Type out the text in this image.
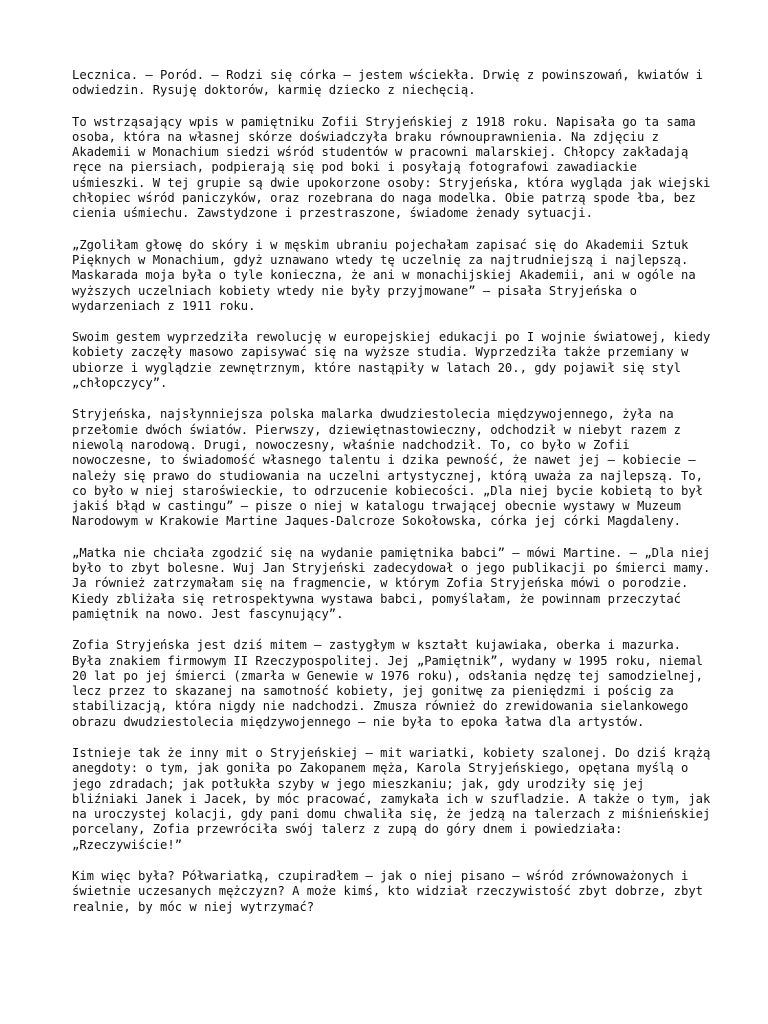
Lecznica. – Poród. – Rodzi się córka – jestem wściekła. Drwię z powinszowań, kwiatów i odwiedzin. Rysuję doktorów, karmię dziecko z niechęcią.

To wstrząsający wpis w pamiętniku Zofii Stryjeńskiej z 1918 roku. Napisała go ta sama osoba, która na własnej skórze doświadczyła braku równouprawnienia. Na zdjęciu z Akademii w Monachium siedzi wśród studentów w pracowni malarskiej. Chłopcy zakładają ręce na piersiach, podpierają się pod boki i posyłają fotografowi zawadiackie uśmieszki. W tej grupie są dwie upokorzone osoby: Stryjeńska, która wygląda jak wiejski chłopiec wśród paniczyków, oraz rozebrana do naga modelka. Obie patrzą spode łba, bez cienia uśmiechu. Zawstydzone i przestraszone, świadome żenady sytuacji.

„Zgoliłam głowę do skóry i w męskim ubraniu pojechałam zapisać się do Akademii Sztuk Pięknych w Monachium, gdyż uznawano wtedy tę uczelnię za najtrudniejszą i najlepszą. Maskarada moja była o tyle konieczna, że ani w monachijskiej Akademii, ani w ogóle na wyższych uczelniach kobiety wtedy nie były przyjmowane” – pisała Stryjeńska o wydarzeniach z 1911 roku.

Swoim gestem wyprzedziła rewolucję w europejskiej edukacji po I wojnie światowej, kiedy kobiety zaczęły masowo zapisywać się na wyższe studia. Wyprzedziła także przemiany w ubiorze i wyglądzie zewnętrznym, które nastąpiły w latach 20., gdy pojawił się styl „chłopczycy”.

Stryjeńska, najsłynniejsza polska malarka dwudziestolecia międzywojennego, żyła na przełomie dwóch światów. Pierwszy, dziewiętnastowieczny, odchodził w niebyt razem z niewolą narodową. Drugi, nowoczesny, właśnie nadchodził. To, co było w Zofii nowoczesne, to świadomość własnego talentu i dzika pewność, że nawet jej – kobiecie – należy się prawo do studiowania na uczelni artystycznej, którą uważa za najlepszą. To, co było w niej staroświeckie, to odrzucenie kobiecości. „Dla niej bycie kobietą to był jakiś błąd w castingu” – pisze o niej w katalogu trwającej obecnie wystawy w Muzeum Narodowym w Krakowie Martine Jaques-Dalcroze Sokołowska, córka jej córki Magdaleny.

„Matka nie chciała zgodzić się na wydanie pamiętnika babci” – mówi Martine. – „Dla niej było to zbyt bolesne. Wuj Jan Stryjeński zadecydował o jego publikacji po śmierci mamy. Ja również zatrzymałam się na fragmencie, w którym Zofia Stryjeńska mówi o porodzie. Kiedy zbliżała się retrospektywna wystawa babci, pomyślałam, że powinnam przeczytać pamiętnik na nowo. Jest fascynujący”.

Zofia Stryjeńska jest dziś mitem – zastygłym w kształt kujawiaka, oberka i mazurka. Była znakiem firmowym II Rzeczypospolitej. Jej „Pamiętnik”, wydany w 1995 roku, niemal 20 lat po jej śmierci (zmarła w Genewie w 1976 roku), odsłania nędzę tej samodzielnej, lecz przez to skazanej na samotność kobiety, jej gonitwę za pieniędzmi i pościg za stabilizacją, która nigdy nie nadchodzi. Zmusza również do zrewidowania sielankowego obrazu dwudziestolecia międzywojennego – nie była to epoka łatwa dla artystów.

Istnieje tak że inny mit o Stryjeńskiej – mit wariatki, kobiety szalonej. Do dziś krążą anegdoty: o tym, jak goniła po Zakopanem męża, Karola Stryjeńskiego, opętana myślą o jego zdradach; jak potłukła szyby w jego mieszkaniu; jak, gdy urodziły się jej bliźniaki Janek i Jacek, by móc pracować, zamykała ich w szufladzie. A także o tym, jak na uroczystej kolacji, gdy pani domu chwaliła się, że jedzą na talerzach z miśnieńskiej porcelany, Zofia przewróciła swój talerz z zupą do góry dnem i powiedziała: „Rzeczywiście!”

Kim więc była? Półwariatką, czupiradłem – jak o niej pisano – wśród zrównoważonych i świetnie uczesanych mężczyzn? A może kimś, kto widział rzeczywistość zbyt dobrze, zbyt realnie, by móc w niej wytrzymać?
